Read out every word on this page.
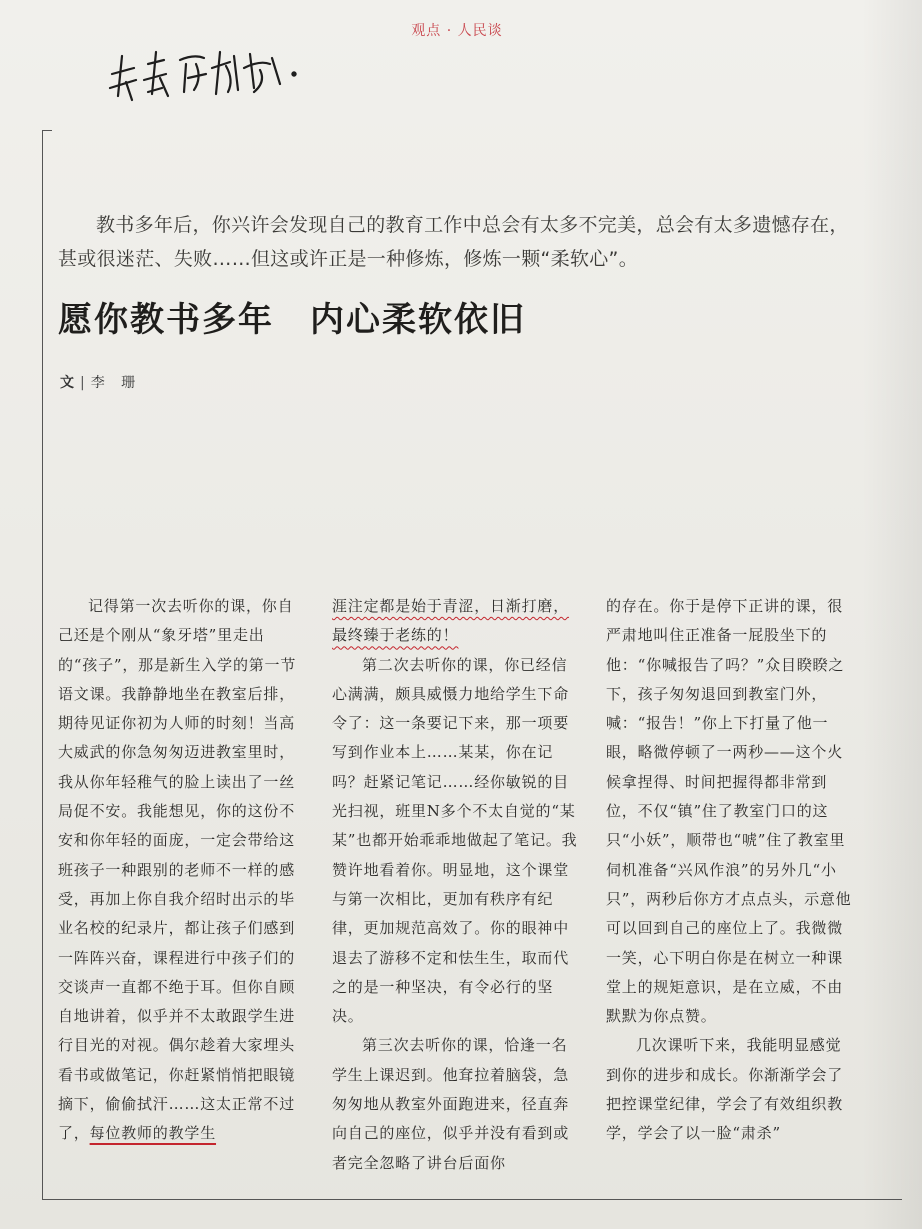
观点 · 人民谈
教书多年后，你兴许会发现自己的教育工作中总会有太多不完美，总会有太多遗憾存在，甚或很迷茫、失败……但这或许正是一种修炼，修炼一颗“柔软心”。
愿你教书多年　内心柔软依旧
文 | 李 珊

记得第一次去听你的课，你自己还是个刚从“象牙塔”里走出的“孩子”，那是新生入学的第一节语文课。我静静地坐在教室后排，期待见证你初为人师的时刻！当高大威武的你急匆匆迈进教室里时，我从你年轻稚气的脸上读出了一丝局促不安。我能想见，你的这份不安和你年轻的面庞，一定会带给这班孩子一种跟别的老师不一样的感受，再加上你自我介绍时出示的毕业名校的纪录片，都让孩子们感到一阵阵兴奋，课程进行中孩子们的交谈声一直都不绝于耳。但你自顾自地讲着，似乎并不太敢跟学生进行目光的对视。偶尔趁着大家埋头看书或做笔记，你赶紧悄悄把眼镜摘下，偷偷拭汗……这太正常不过了，每位教师的教学生

涯注定都是始于青涩，日渐打磨，最终臻于老练的！

第二次去听你的课，你已经信心满满，颇具威慑力地给学生下命令了：这一条要记下来，那一项要写到作业本上……某某，你在记吗？赶紧记笔记……经你敏锐的目光扫视，班里N多个不太自觉的“某某”也都开始乖乖地做起了笔记。我赞许地看着你。明显地，这个课堂与第一次相比，更加有秩序有纪律，更加规范高效了。你的眼神中退去了游移不定和怯生生，取而代之的是一种坚决，有令必行的坚决。

第三次去听你的课，恰逢一名学生上课迟到。他耷拉着脑袋，急匆匆地从教室外面跑进来，径直奔向自己的座位，似乎并没有看到或者完全忽略了讲台后面你

的存在。你于是停下正讲的课，很严肃地叫住正准备一屁股坐下的他：“你喊报告了吗？”众目睽睽之下，孩子匆匆退回到教室门外，喊：“报告！”你上下打量了他一眼，略微停顿了一两秒——这个火候拿捏得、时间把握得都非常到位，不仅“镇”住了教室门口的这只“小妖”，顺带也“唬”住了教室里伺机准备“兴风作浪”的另外几“小只”，两秒后你方才点点头，示意他可以回到自己的座位上了。我微微一笑，心下明白你是在树立一种课堂上的规矩意识，是在立威，不由默默为你点赞。

几次课听下来，我能明显感觉到你的进步和成长。你渐渐学会了把控课堂纪律，学会了有效组织教学，学会了以一脸“肃杀”
